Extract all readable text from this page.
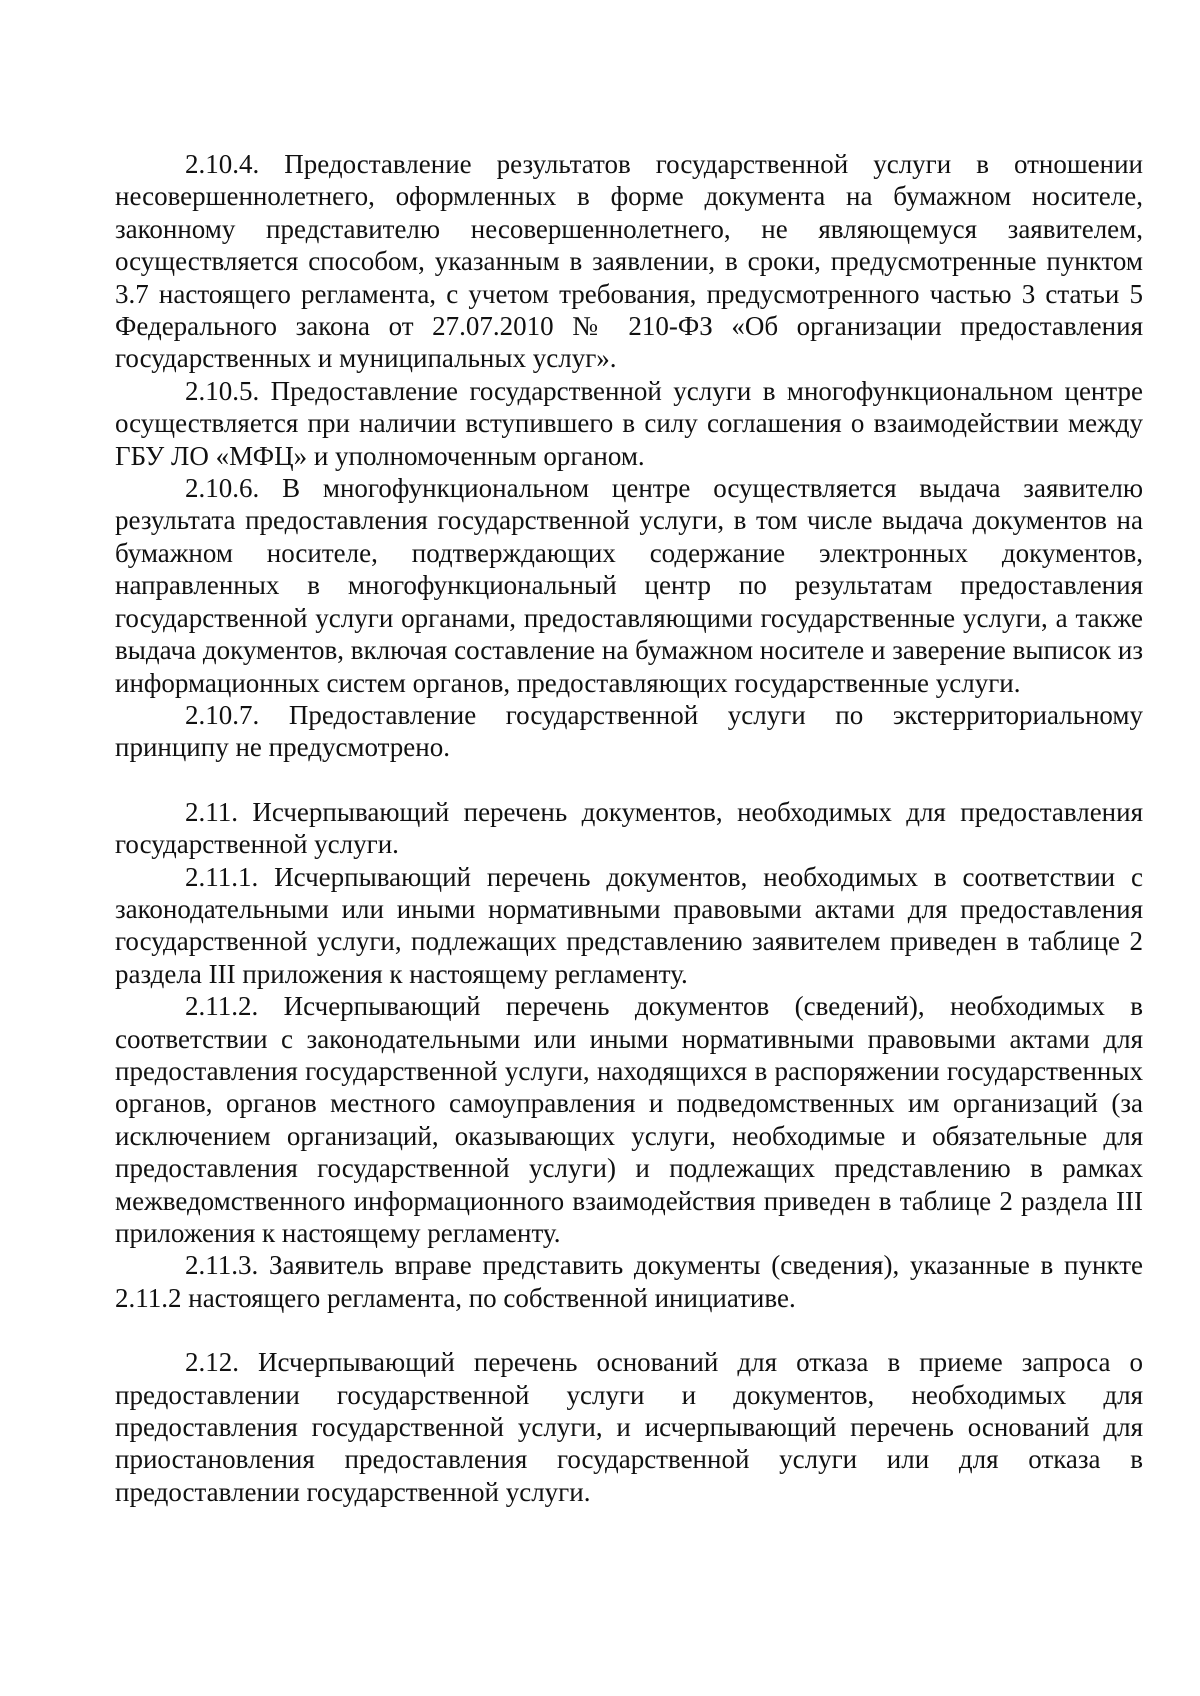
2.10.4. Предоставление результатов государственной услуги в отношении несовершеннолетнего, оформленных в форме документа на бумажном носителе, законному представителю несовершеннолетнего, не являющемуся заявителем, осуществляется способом, указанным в заявлении, в сроки, предусмотренные пунктом 3.7 настоящего регламента, с учетом требования, предусмотренного частью 3 статьи 5 Федерального закона от 27.07.2010 № 210-ФЗ «Об организации предоставления государственных и муниципальных услуг».

2.10.5. Предоставление государственной услуги в многофункциональном центре осуществляется при наличии вступившего в силу соглашения о взаимодействии между ГБУ ЛО «МФЦ» и уполномоченным органом.

2.10.6. В многофункциональном центре осуществляется выдача заявителю результата предоставления государственной услуги, в том числе выдача документов на бумажном носителе, подтверждающих содержание электронных документов, направленных в многофункциональный центр по результатам предоставления государственной услуги органами, предоставляющими государственные услуги, а также выдача документов, включая составление на бумажном носителе и заверение выписок из информационных систем органов, предоставляющих государственные услуги.

2.10.7. Предоставление государственной услуги по экстерриториальному принципу не предусмотрено.

2.11. Исчерпывающий перечень документов, необходимых для предоставления государственной услуги.

2.11.1. Исчерпывающий перечень документов, необходимых в соответствии с законодательными или иными нормативными правовыми актами для предоставления государственной услуги, подлежащих представлению заявителем приведен в таблице 2 раздела III приложения к настоящему регламенту.

2.11.2. Исчерпывающий перечень документов (сведений), необходимых в соответствии с законодательными или иными нормативными правовыми актами для предоставления государственной услуги, находящихся в распоряжении государственных органов, органов местного самоуправления и подведомственных им организаций (за исключением организаций, оказывающих услуги, необходимые и обязательные для предоставления государственной услуги) и подлежащих представлению в рамках межведомственного информационного взаимодействия приведен в таблице 2 раздела III приложения к настоящему регламенту.

2.11.3. Заявитель вправе представить документы (сведения), указанные в пункте 2.11.2 настоящего регламента, по собственной инициативе.

2.12. Исчерпывающий перечень оснований для отказа в приеме запроса о предоставлении государственной услуги и документов, необходимых для предоставления государственной услуги, и исчерпывающий перечень оснований для приостановления предоставления государственной услуги или для отказа в предоставлении государственной услуги.
